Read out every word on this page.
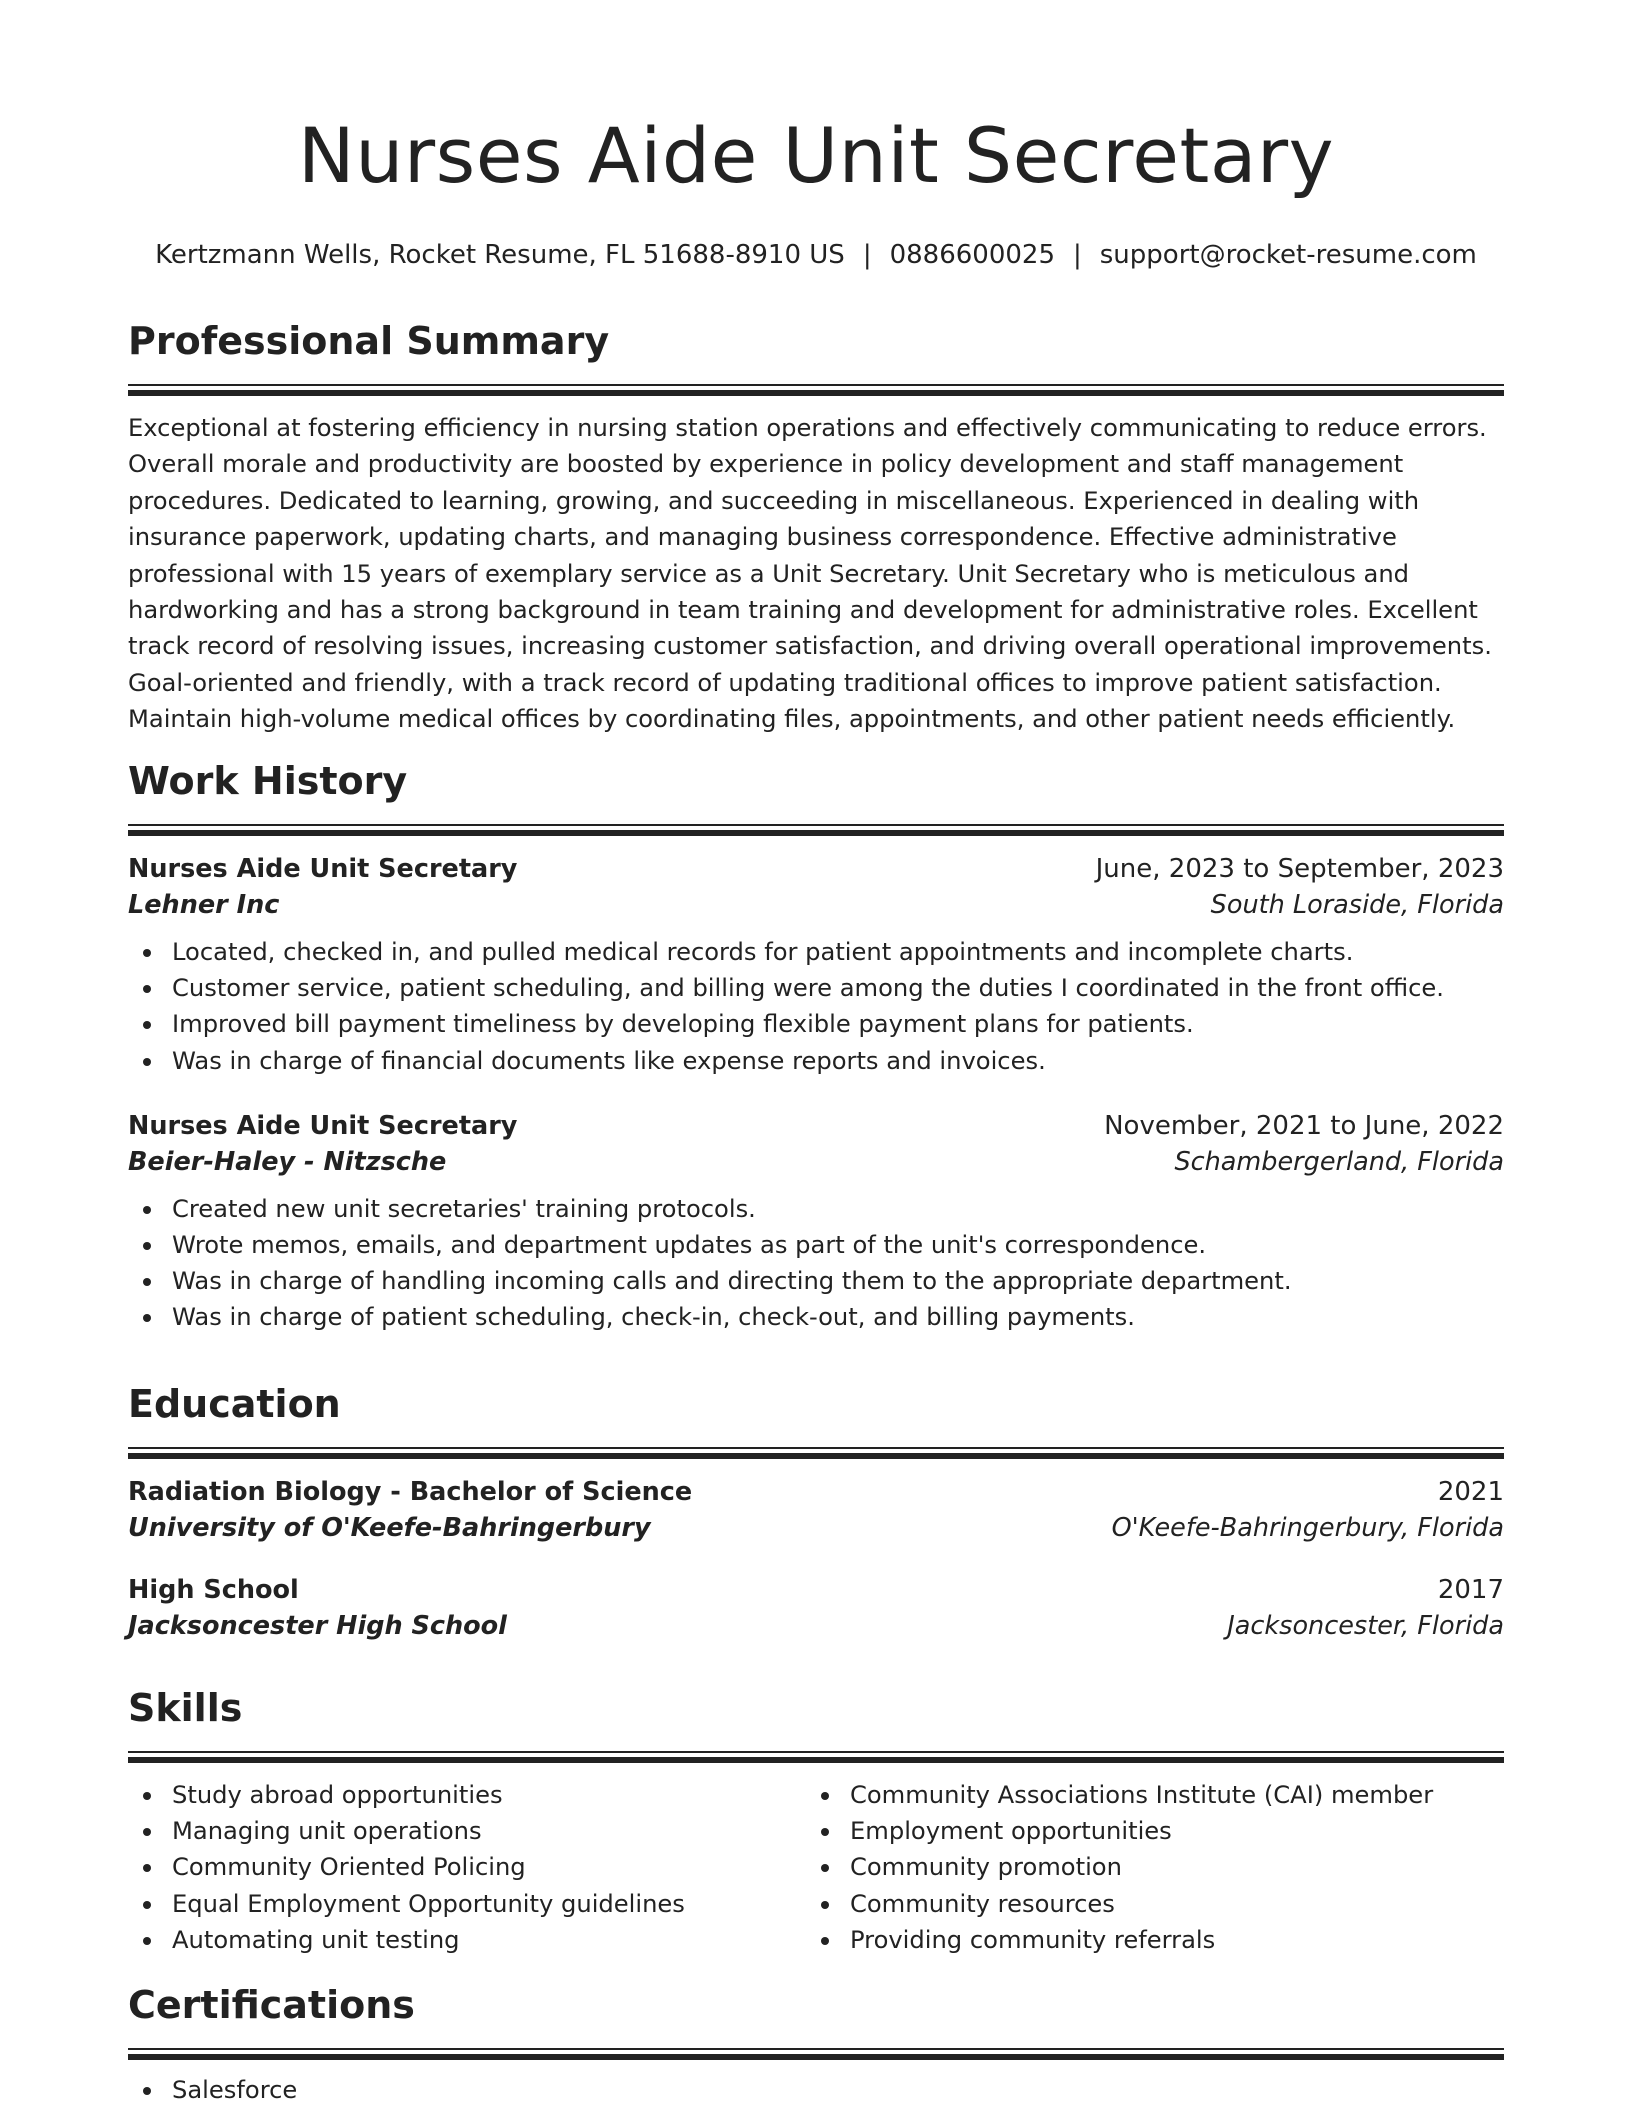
Nurses Aide Unit Secretary
Kertzmann Wells, Rocket Resume, FL 51688-8910 US | 0886600025 | support@rocket-resume.com
Professional Summary
Exceptional at fostering efficiency in nursing station operations and effectively communicating to reduce errors. Overall morale and productivity are boosted by experience in policy development and staff management procedures. Dedicated to learning, growing, and succeeding in miscellaneous. Experienced in dealing with insurance paperwork, updating charts, and managing business correspondence. Effective administrative professional with 15 years of exemplary service as a Unit Secretary. Unit Secretary who is meticulous and hardworking and has a strong background in team training and development for administrative roles. Excellent track record of resolving issues, increasing customer satisfaction, and driving overall operational improvements. Goal-oriented and friendly, with a track record of updating traditional offices to improve patient satisfaction. Maintain high-volume medical offices by coordinating files, appointments, and other patient needs efficiently.
Work History
Nurses Aide Unit Secretary	June, 2023 to September, 2023
Lehner Inc	South Loraside, Florida
Located, checked in, and pulled medical records for patient appointments and incomplete charts.
Customer service, patient scheduling, and billing were among the duties I coordinated in the front office.
Improved bill payment timeliness by developing flexible payment plans for patients.
Was in charge of financial documents like expense reports and invoices.
Nurses Aide Unit Secretary	November, 2021 to June, 2022
Beier-Haley - Nitzsche	Schambergerland, Florida
Created new unit secretaries' training protocols.
Wrote memos, emails, and department updates as part of the unit's correspondence.
Was in charge of handling incoming calls and directing them to the appropriate department.
Was in charge of patient scheduling, check-in, check-out, and billing payments.
Education
Radiation Biology - Bachelor of Science	2021
University of O'Keefe-Bahringerbury	O'Keefe-Bahringerbury, Florida
High School	2017
Jacksoncester High School	Jacksoncester, Florida
Skills
Study abroad opportunities
Managing unit operations
Community Oriented Policing
Equal Employment Opportunity guidelines
Automating unit testing
Community Associations Institute (CAI) member
Employment opportunities
Community promotion
Community resources
Providing community referrals
Certifications
Salesforce
